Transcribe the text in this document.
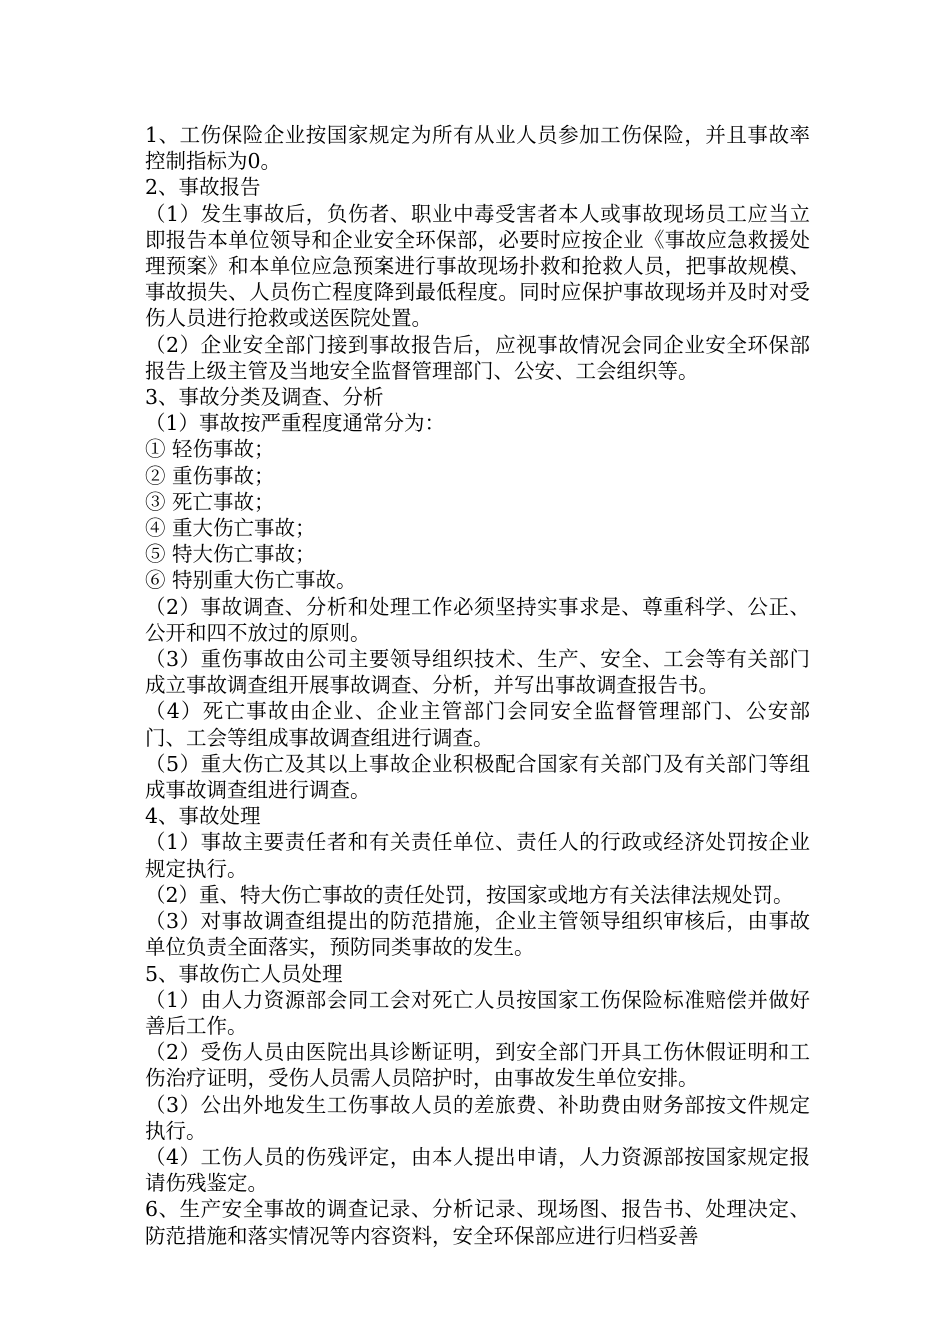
1、工伤保险企业按国家规定为所有从业人员参加工伤保险，并且事故率控制指标为0。

2、事故报告

（1）发生事故后，负伤者、职业中毒受害者本人或事故现场员工应当立即报告本单位领导和企业安全环保部，必要时应按企业《事故应急救援处理预案》和本单位应急预案进行事故现场扑救和抢救人员，把事故规模、事故损失、人员伤亡程度降到最低程度。同时应保护事故现场并及时对受伤人员进行抢救或送医院处置。

（2）企业安全部门接到事故报告后，应视事故情况会同企业安全环保部报告上级主管及当地安全监督管理部门、公安、工会组织等。

3、事故分类及调查、分析

（1）事故按严重程度通常分为：

① 轻伤事故；

② 重伤事故；

③ 死亡事故；

④ 重大伤亡事故；

⑤ 特大伤亡事故；

⑥ 特别重大伤亡事故。

（2）事故调查、分析和处理工作必须坚持实事求是、尊重科学、公正、公开和四不放过的原则。

（3）重伤事故由公司主要领导组织技术、生产、安全、工会等有关部门成立事故调查组开展事故调查、分析，并写出事故调查报告书。

（4）死亡事故由企业、企业主管部门会同安全监督管理部门、公安部门、工会等组成事故调查组进行调查。

（5）重大伤亡及其以上事故企业积极配合国家有关部门及有关部门等组成事故调查组进行调查。

4、事故处理

（1）事故主要责任者和有关责任单位、责任人的行政或经济处罚按企业规定执行。

（2）重、特大伤亡事故的责任处罚，按国家或地方有关法律法规处罚。

（3）对事故调查组提出的防范措施，企业主管领导组织审核后，由事故单位负责全面落实，预防同类事故的发生。

5、事故伤亡人员处理

（1）由人力资源部会同工会对死亡人员按国家工伤保险标准赔偿并做好善后工作。

（2）受伤人员由医院出具诊断证明，到安全部门开具工伤休假证明和工伤治疗证明，受伤人员需人员陪护时，由事故发生单位安排。

（3）公出外地发生工伤事故人员的差旅费、补助费由财务部按文件规定执行。

（4）工伤人员的伤残评定，由本人提出申请，人力资源部按国家规定报请伤残鉴定。

6、生产安全事故的调查记录、分析记录、现场图、报告书、处理决定、防范措施和落实情况等内容资料，安全环保部应进行归档妥善
